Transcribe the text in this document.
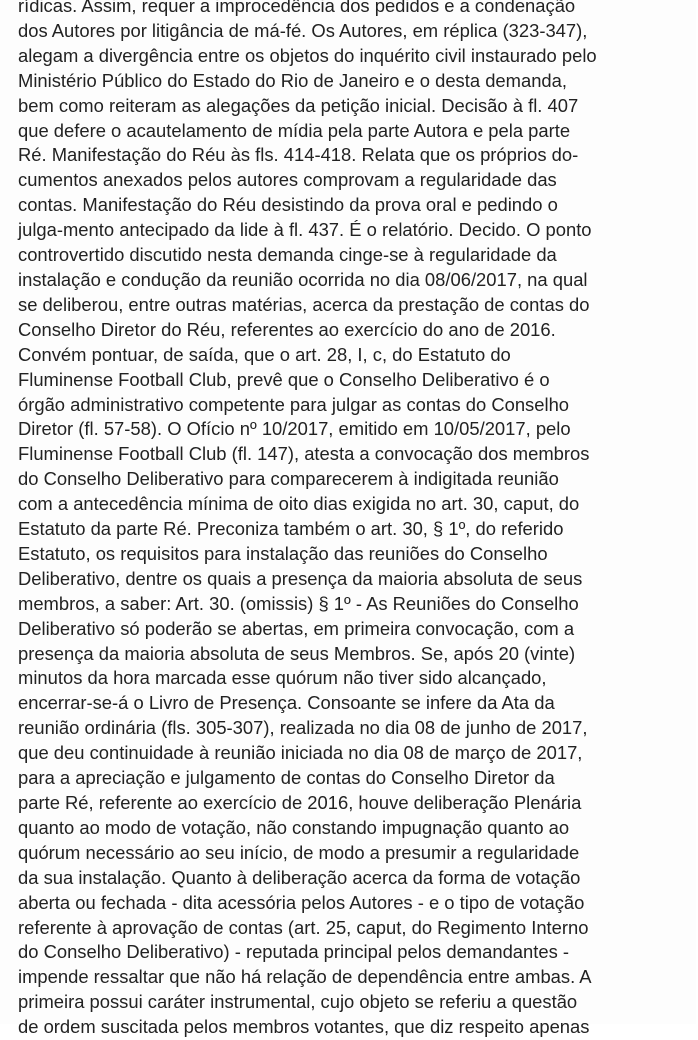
rídicas. Assim, requer a improcedência dos pedidos e a condenação
dos Autores por litigância de má-fé. Os Autores, em réplica (323-347),
alegam a divergência entre os objetos do inquérito civil instaurado pelo
Ministério Público do Estado do Rio de Janeiro e o desta demanda,
bem como reiteram as alegações da petição inicial. Decisão à fl. 407
que defere o acautelamento de mídia pela parte Autora e pela parte
Ré. Manifestação do Réu às fls. 414-418. Relata que os próprios do-
cumentos anexados pelos autores comprovam a regularidade das
contas. Manifestação do Réu desistindo da prova oral e pedindo o
julga-mento antecipado da lide à fl. 437. É o relatório. Decido. O ponto
controvertido discutido nesta demanda cinge-se à regularidade da
instalação e condução da reunião ocorrida no dia 08/06/2017, na qual
se deliberou, entre outras matérias, acerca da prestação de contas do
Conselho Diretor do Réu, referentes ao exercício do ano de 2016.
Convém pontuar, de saída, que o art. 28, I, c, do Estatuto do
Fluminense Football Club, prevê que o Conselho Deliberativo é o
órgão administrativo competente para julgar as contas do Conselho
Diretor (fl. 57-58). O Ofício nº 10/2017, emitido em 10/05/2017, pelo
Fluminense Football Club (fl. 147), atesta a convocação dos membros
do Conselho Deliberativo para comparecerem à indigitada reunião
com a antecedência mínima de oito dias exigida no art. 30, caput, do
Estatuto da parte Ré. Preconiza também o art. 30, § 1º, do referido
Estatuto, os requisitos para instalação das reuniões do Conselho
Deliberativo, dentre os quais a presença da maioria absoluta de seus
membros, a saber: Art. 30. (omissis) § 1º - As Reuniões do Conselho
Deliberativo só poderão se abertas, em primeira convocação, com a
presença da maioria absoluta de seus Membros. Se, após 20 (vinte)
minutos da hora marcada esse quórum não tiver sido alcançado,
encerrar-se-á o Livro de Presença. Consoante se infere da Ata da
reunião ordinária (fls. 305-307), realizada no dia 08 de junho de 2017,
que deu continuidade à reunião iniciada no dia 08 de março de 2017,
para a apreciação e julgamento de contas do Conselho Diretor da
parte Ré, referente ao exercício de 2016, houve deliberação Plenária
quanto ao modo de votação, não constando impugnação quanto ao
quórum necessário ao seu início, de modo a presumir a regularidade
da sua instalação. Quanto à deliberação acerca da forma de votação
aberta ou fechada - dita acessória pelos Autores - e o tipo de votação
referente à aprovação de contas (art. 25, caput, do Regimento Interno
do Conselho Deliberativo) - reputada principal pelos demandantes -
impende ressaltar que não há relação de dependência entre ambas. A
primeira possui caráter instrumental, cujo objeto se referiu a questão
de ordem suscitada pelos membros votantes, que diz respeito apenas
